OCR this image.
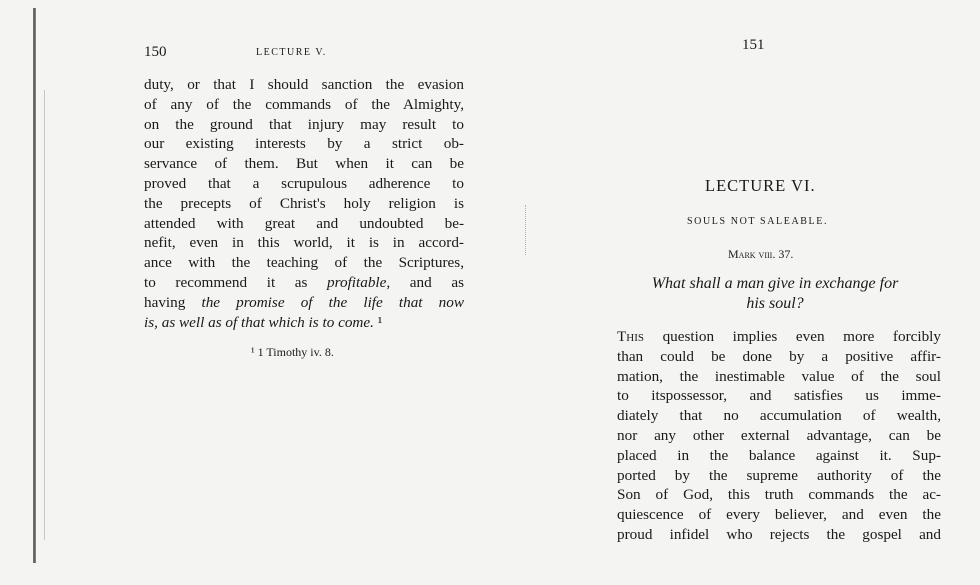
150	LECTURE V.
duty, or that I should sanction the evasion
of any of the commands of the Almighty,
on the ground that injury may result to
our existing interests by a strict ob-
servance of them. But when it can be
proved that a scrupulous adherence to
the precepts of Christ's holy religion is
attended with great and undoubted be-
nefit, even in this world, it is in accord-
ance with the teaching of the Scriptures,
to recommend it as profitable, and as
having the promise of the life that now
is, as well as of that which is to come. ¹
¹ 1 Timothy iv. 8.
151
LECTURE VI.
SOULS NOT SALEABLE.
Mark viii. 37.
What shall a man give in exchange for
his soul?
This question implies even more forcibly
than could be done by a positive affir-
mation, the inestimable value of the soul
to itspossessor, and satisfies us imme-
diately that no accumulation of wealth,
nor any other external advantage, can be
placed in the balance against it. Sup-
ported by the supreme authority of the
Son of God, this truth commands the ac-
quiescence of every believer, and even the
proud infidel who rejects the gospel and
